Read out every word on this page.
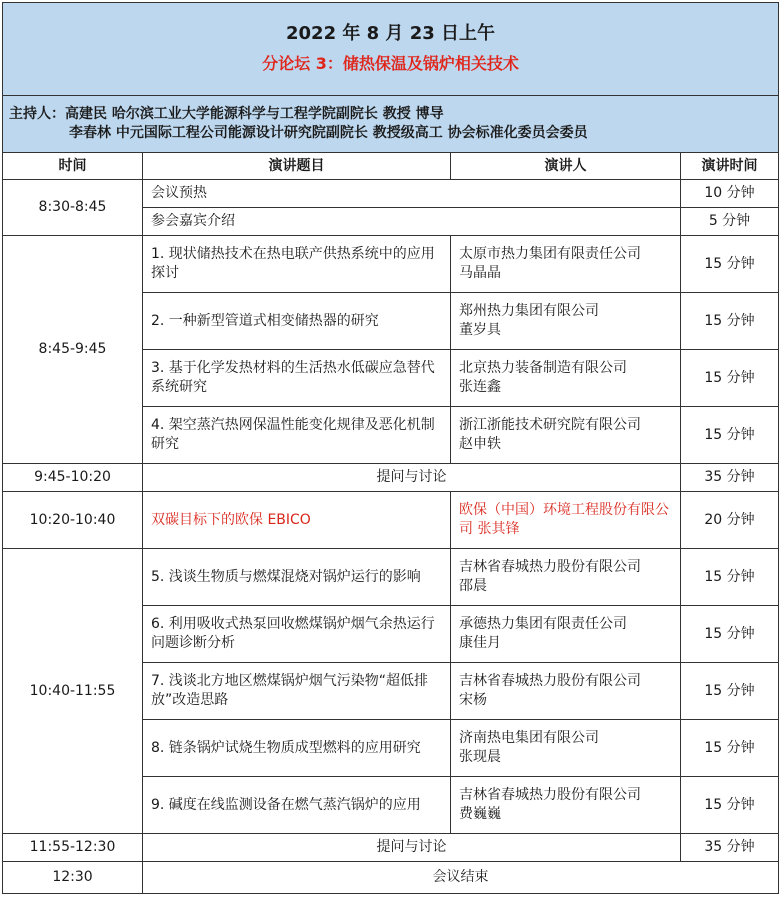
2022 年 8 月 23 日上午
分论坛 3：储热保温及锅炉相关技术			

主持人：高建民 哈尔滨工业大学能源科学与工程学院副院长 教授 博导
李春林 中元国际工程公司能源设计研究院副院长 教授级高工 协会标准化委员会委员			

时间	演讲题目	演讲人	演讲时间
8:30-8:45	会议预热		10 分钟
	参会嘉宾介绍		5 分钟
8:45-9:45	1. 现状储热技术在热电联产供热系统中的应用探讨	太原市热力集团有限责任公司
马晶晶	15 分钟
	2. 一种新型管道式相变储热器的研究	郑州热力集团有限公司
董岁具	15 分钟
	3. 基于化学发热材料的生活热水低碳应急替代系统研究	北京热力装备制造有限公司
张连鑫	15 分钟
	4. 架空蒸汽热网保温性能变化规律及恶化机制研究	浙江浙能技术研究院有限公司
赵申轶	15 分钟
9:45-10:20	提问与讨论		35 分钟
10:20-10:40	双碳目标下的欧保 EBICO	欧保（中国）环境工程股份有限公司 张其锋	20 分钟
10:40-11:55	5. 浅谈生物质与燃煤混烧对锅炉运行的影响	吉林省春城热力股份有限公司
邵晨	15 分钟
	6. 利用吸收式热泵回收燃煤锅炉烟气余热运行问题诊断分析	承德热力集团有限责任公司
康佳月	15 分钟
	7. 浅谈北方地区燃煤锅炉烟气污染物“超低排放”改造思路	吉林省春城热力股份有限公司
宋杨	15 分钟
	8. 链条锅炉试烧生物质成型燃料的应用研究	济南热电集团有限公司
张现晨	15 分钟
	9. 碱度在线监测设备在燃气蒸汽锅炉的应用	吉林省春城热力股份有限公司
费巍巍	15 分钟
11:55-12:30	提问与讨论		35 分钟
12:30	会议结束		
